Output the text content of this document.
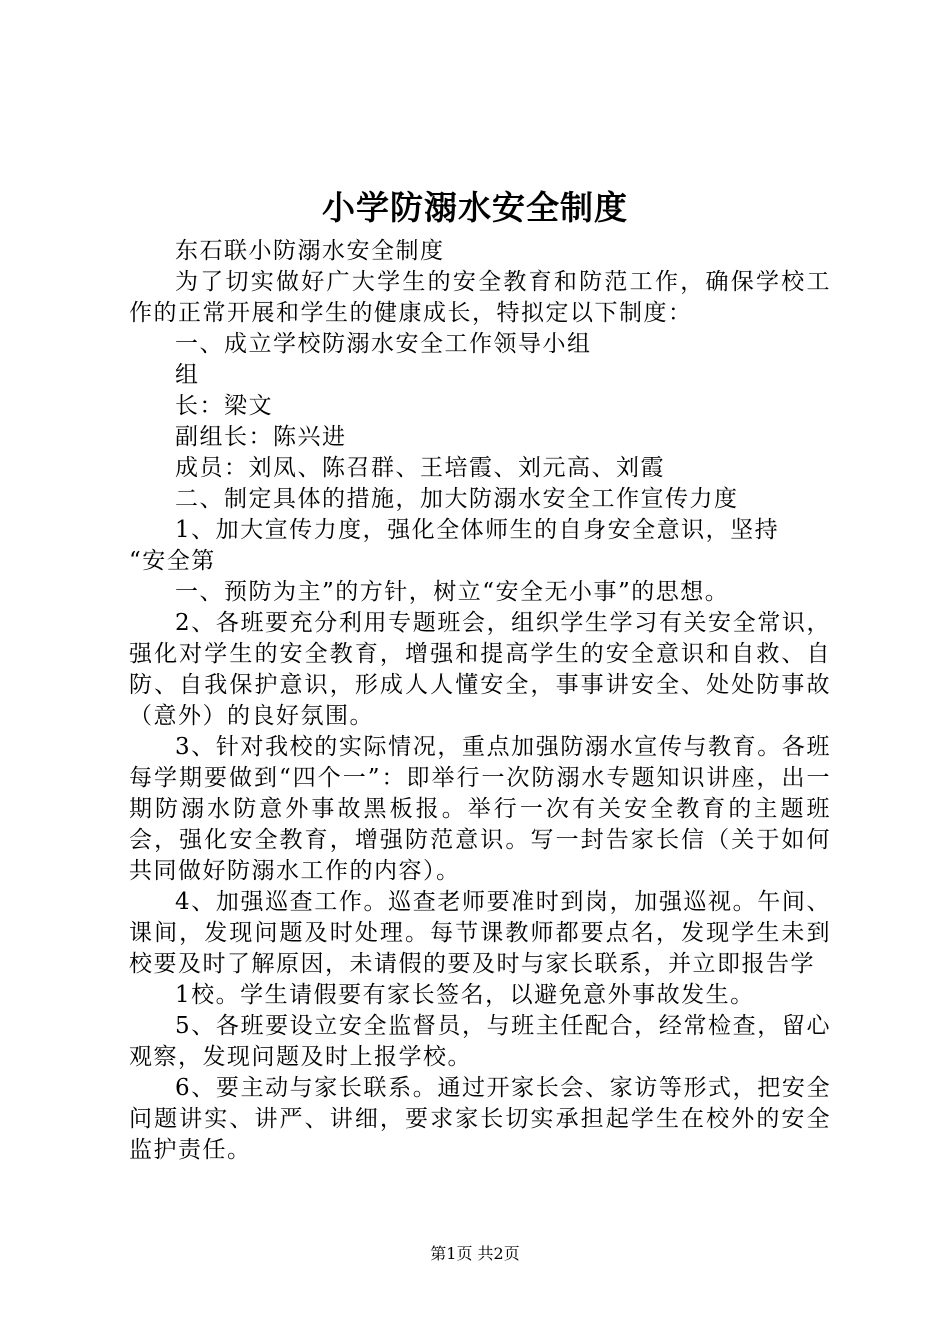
小学防溺水安全制度

东石联小防溺水安全制度

为了切实做好广大学生的安全教育和防范工作，确保学校工作的正常开展和学生的健康成长，特拟定以下制度：

一、成立学校防溺水安全工作领导小组

组

长：梁文

副组长：陈兴进

成员：刘凤、陈召群、王培霞、刘元高、刘霞

二、制定具体的措施，加大防溺水安全工作宣传力度

1、加大宣传力度，强化全体师生的自身安全意识，坚持

“安全第

一、预防为主”的方针，树立“安全无小事”的思想。

2、各班要充分利用专题班会，组织学生学习有关安全常识，强化对学生的安全教育，增强和提高学生的安全意识和自救、自防、自我保护意识，形成人人懂安全，事事讲安全、处处防事故（意外）的良好氛围。

3、针对我校的实际情况，重点加强防溺水宣传与教育。各班每学期要做到“四个一”：即举行一次防溺水专题知识讲座，出一期防溺水防意外事故黑板报。举行一次有关安全教育的主题班会，强化安全教育，增强防范意识。写一封告家长信（关于如何共同做好防溺水工作的内容）。

4、加强巡查工作。巡查老师要准时到岗，加强巡视。午间、课间，发现问题及时处理。每节课教师都要点名，发现学生未到校要及时了解原因，未请假的要及时与家长联系，并立即报告学

1校。学生请假要有家长签名，以避免意外事故发生。

5、各班要设立安全监督员，与班主任配合，经常检查，留心观察，发现问题及时上报学校。

6、要主动与家长联系。通过开家长会、家访等形式，把安全问题讲实、讲严、讲细，要求家长切实承担起学生在校外的安全监护责任。

第1页 共2页
